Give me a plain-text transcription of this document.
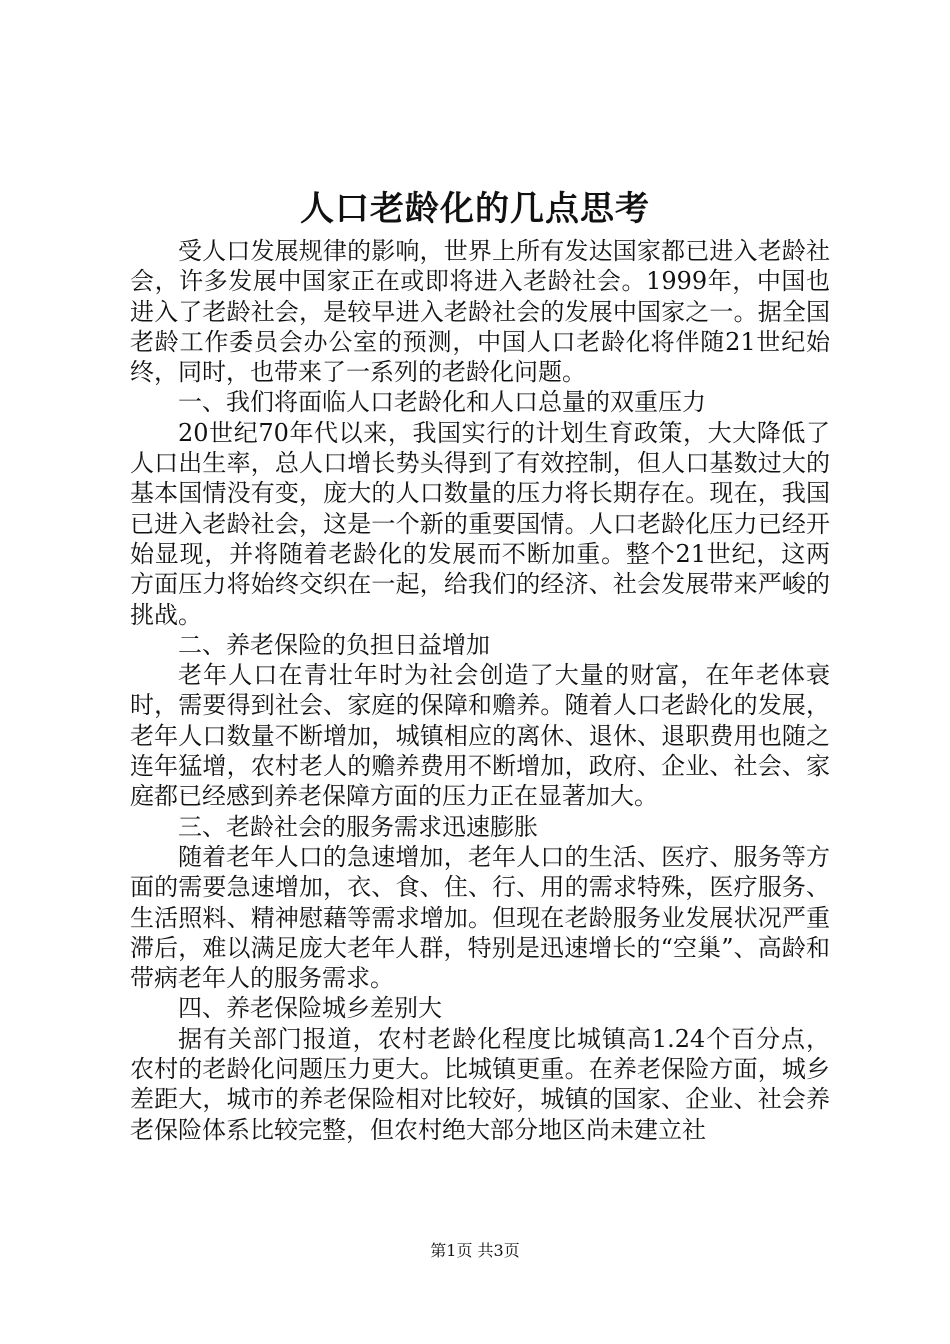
人口老龄化的几点思考

受人口发展规律的影响，世界上所有发达国家都已进入老龄社会，许多发展中国家正在或即将进入老龄社会。1999年，中国也进入了老龄社会，是较早进入老龄社会的发展中国家之一。据全国老龄工作委员会办公室的预测，中国人口老龄化将伴随21世纪始终，同时，也带来了一系列的老龄化问题。

一、我们将面临人口老龄化和人口总量的双重压力

20世纪70年代以来，我国实行的计划生育政策，大大降低了人口出生率，总人口增长势头得到了有效控制，但人口基数过大的基本国情没有变，庞大的人口数量的压力将长期存在。现在，我国已进入老龄社会，这是一个新的重要国情。人口老龄化压力已经开始显现，并将随着老龄化的发展而不断加重。整个21世纪，这两方面压力将始终交织在一起，给我们的经济、社会发展带来严峻的挑战。

二、养老保险的负担日益增加

老年人口在青壮年时为社会创造了大量的财富，在年老体衰时，需要得到社会、家庭的保障和赡养。随着人口老龄化的发展，老年人口数量不断增加，城镇相应的离休、退休、退职费用也随之连年猛增，农村老人的赡养费用不断增加，政府、企业、社会、家庭都已经感到养老保障方面的压力正在显著加大。

三、老龄社会的服务需求迅速膨胀

随着老年人口的急速增加，老年人口的生活、医疗、服务等方面的需要急速增加，衣、食、住、行、用的需求特殊，医疗服务、生活照料、精神慰藉等需求增加。但现在老龄服务业发展状况严重滞后，难以满足庞大老年人群，特别是迅速增长的“空巢”、高龄和带病老年人的服务需求。

四、养老保险城乡差别大

据有关部门报道，农村老龄化程度比城镇高1.24个百分点，农村的老龄化问题压力更大。比城镇更重。在养老保险方面，城乡差距大，城市的养老保险相对比较好，城镇的国家、企业、社会养老保险体系比较完整，但农村绝大部分地区尚未建立社

第1页 共3页
